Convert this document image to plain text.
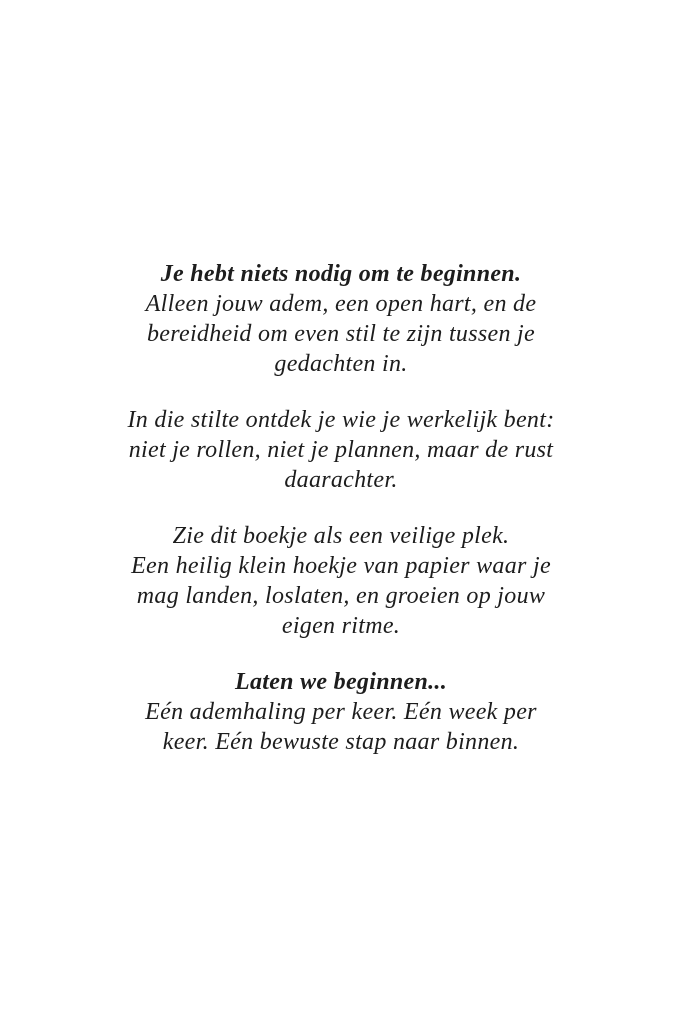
Je hebt niets nodig om te beginnen.
Alleen jouw adem, een open hart, en de
bereidheid om even stil te zijn tussen je
gedachten in.
In die stilte ontdek je wie je werkelijk bent:
niet je rollen, niet je plannen, maar de rust
daarachter.
Zie dit boekje als een veilige plek.
Een heilig klein hoekje van papier waar je
mag landen, loslaten, en groeien op jouw
eigen ritme.
Laten we beginnen...
Eén ademhaling per keer. Eén week per
keer. Eén bewuste stap naar binnen.
